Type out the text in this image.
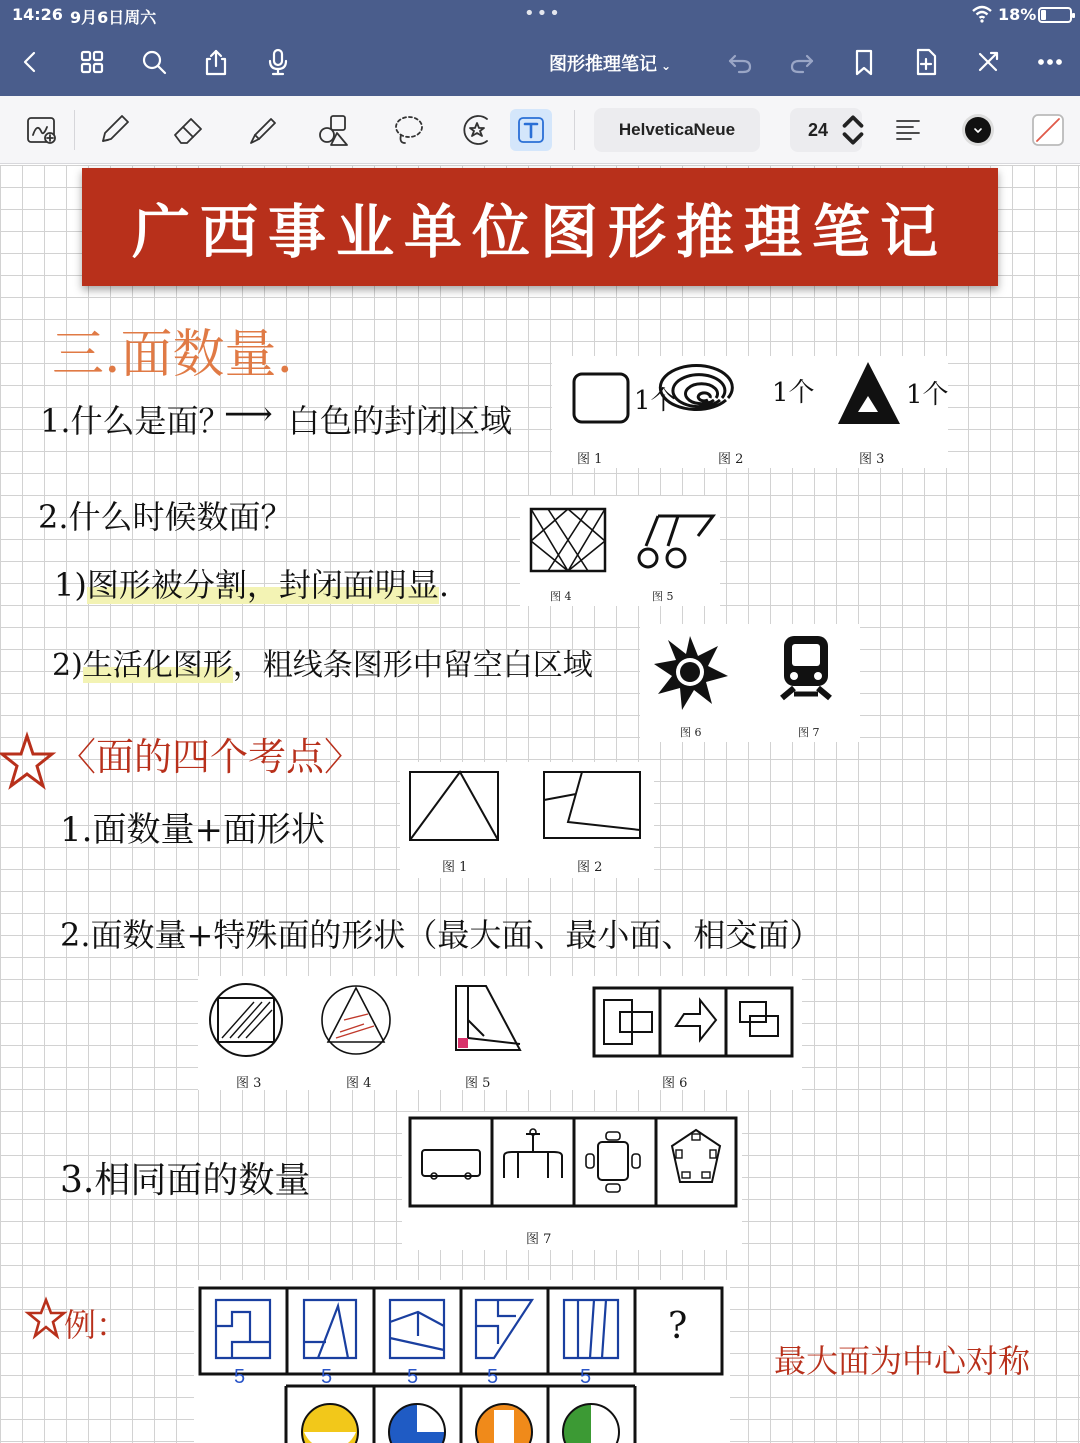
14:26 9月6日周六	•••	18%
图形推理笔记 ⌄
HelveticaNeue	24
广西事业单位图形推理笔记
三.面数量.
1.什么是面？
⟶ 白色的封闭区域
1个	1个	1个
图 1	图 2	图 3
2.什么时候数面？
1)图形被分割，封闭面明显.
2)生活化图形，粗线条图形中留空白区域
图 4	图 5
图 6	图 7
〈面的四个考点〉
1.面数量+面形状
图 1	图 2
2.面数量+特殊面的形状（最大面、最小面、相交面）
图 3	图 4	图 5	图 6
3.相同面的数量
图 7
例：	?
5	5	5	5	5	最大面为中心对称
